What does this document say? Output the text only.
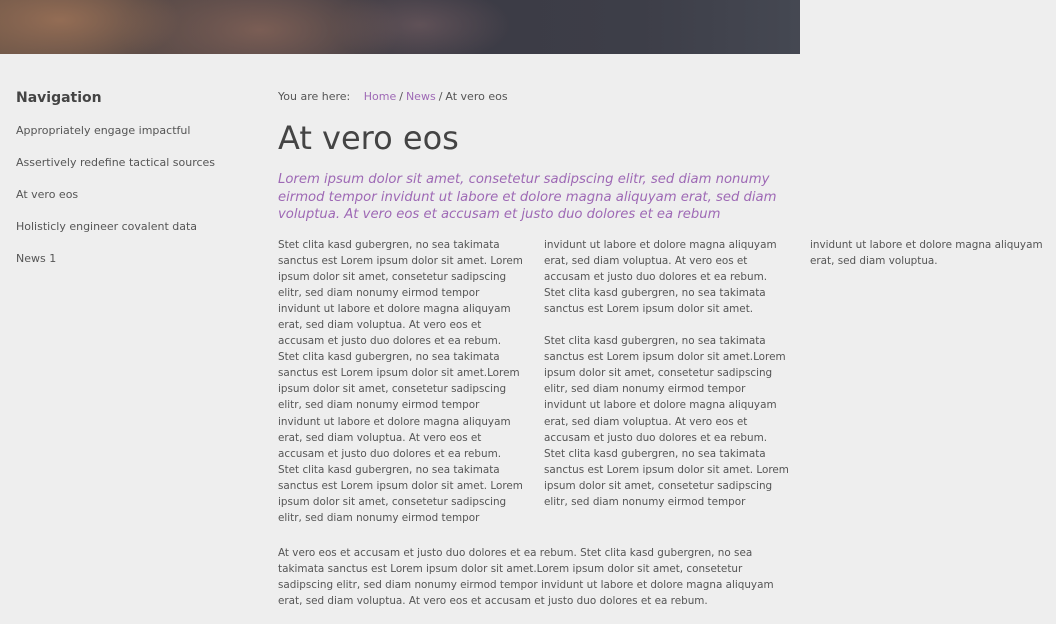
Navigation
Appropriately engage impactful
Assertively redefine tactical sources
At vero eos
Holisticly engineer covalent data
News 1
You are here: Home / News / At vero eos
At vero eos

Lorem ipsum dolor sit amet, consetetur sadipscing elitr, sed diam nonumy eirmod tempor invidunt ut labore et dolore magna aliquyam erat, sed diam voluptua. At vero eos et accusam et justo duo dolores et ea rebum

Stet clita kasd gubergren, no sea takimata sanctus est Lorem ipsum dolor sit amet. Lorem ipsum dolor sit amet, consetetur sadipscing elitr, sed diam nonumy eirmod tempor invidunt ut labore et dolore magna aliquyam erat, sed diam voluptua. At vero eos et accusam et justo duo dolores et ea rebum. Stet clita kasd gubergren, no sea takimata sanctus est Lorem ipsum dolor sit amet.Lorem ipsum dolor sit amet, consetetur sadipscing elitr, sed diam nonumy eirmod tempor invidunt ut labore et dolore magna aliquyam erat, sed diam voluptua. At vero eos et accusam et justo duo dolores et ea rebum. Stet clita kasd gubergren, no sea takimata sanctus est Lorem ipsum dolor sit amet. Lorem ipsum dolor sit amet, consetetur sadipscing elitr, sed diam nonumy eirmod tempor invidunt ut labore et dolore magna aliquyam erat, sed diam voluptua. At vero eos et accusam et justo duo dolores et ea rebum. Stet clita kasd gubergren, no sea takimata sanctus est Lorem ipsum dolor sit amet.

Stet clita kasd gubergren, no sea takimata sanctus est Lorem ipsum dolor sit amet.Lorem ipsum dolor sit amet, consetetur sadipscing elitr, sed diam nonumy eirmod tempor invidunt ut labore et dolore magna aliquyam erat, sed diam voluptua. At vero eos et accusam et justo duo dolores et ea rebum. Stet clita kasd gubergren, no sea takimata sanctus est Lorem ipsum dolor sit amet. Lorem ipsum dolor sit amet, consetetur sadipscing elitr, sed diam nonumy eirmod tempor invidunt ut labore et dolore magna aliquyam erat, sed diam voluptua.

At vero eos et accusam et justo duo dolores et ea rebum. Stet clita kasd gubergren, no sea takimata sanctus est Lorem ipsum dolor sit amet.Lorem ipsum dolor sit amet, consetetur sadipscing elitr, sed diam nonumy eirmod tempor invidunt ut labore et dolore magna aliquyam erat, sed diam voluptua. At vero eos et accusam et justo duo dolores et ea rebum.
